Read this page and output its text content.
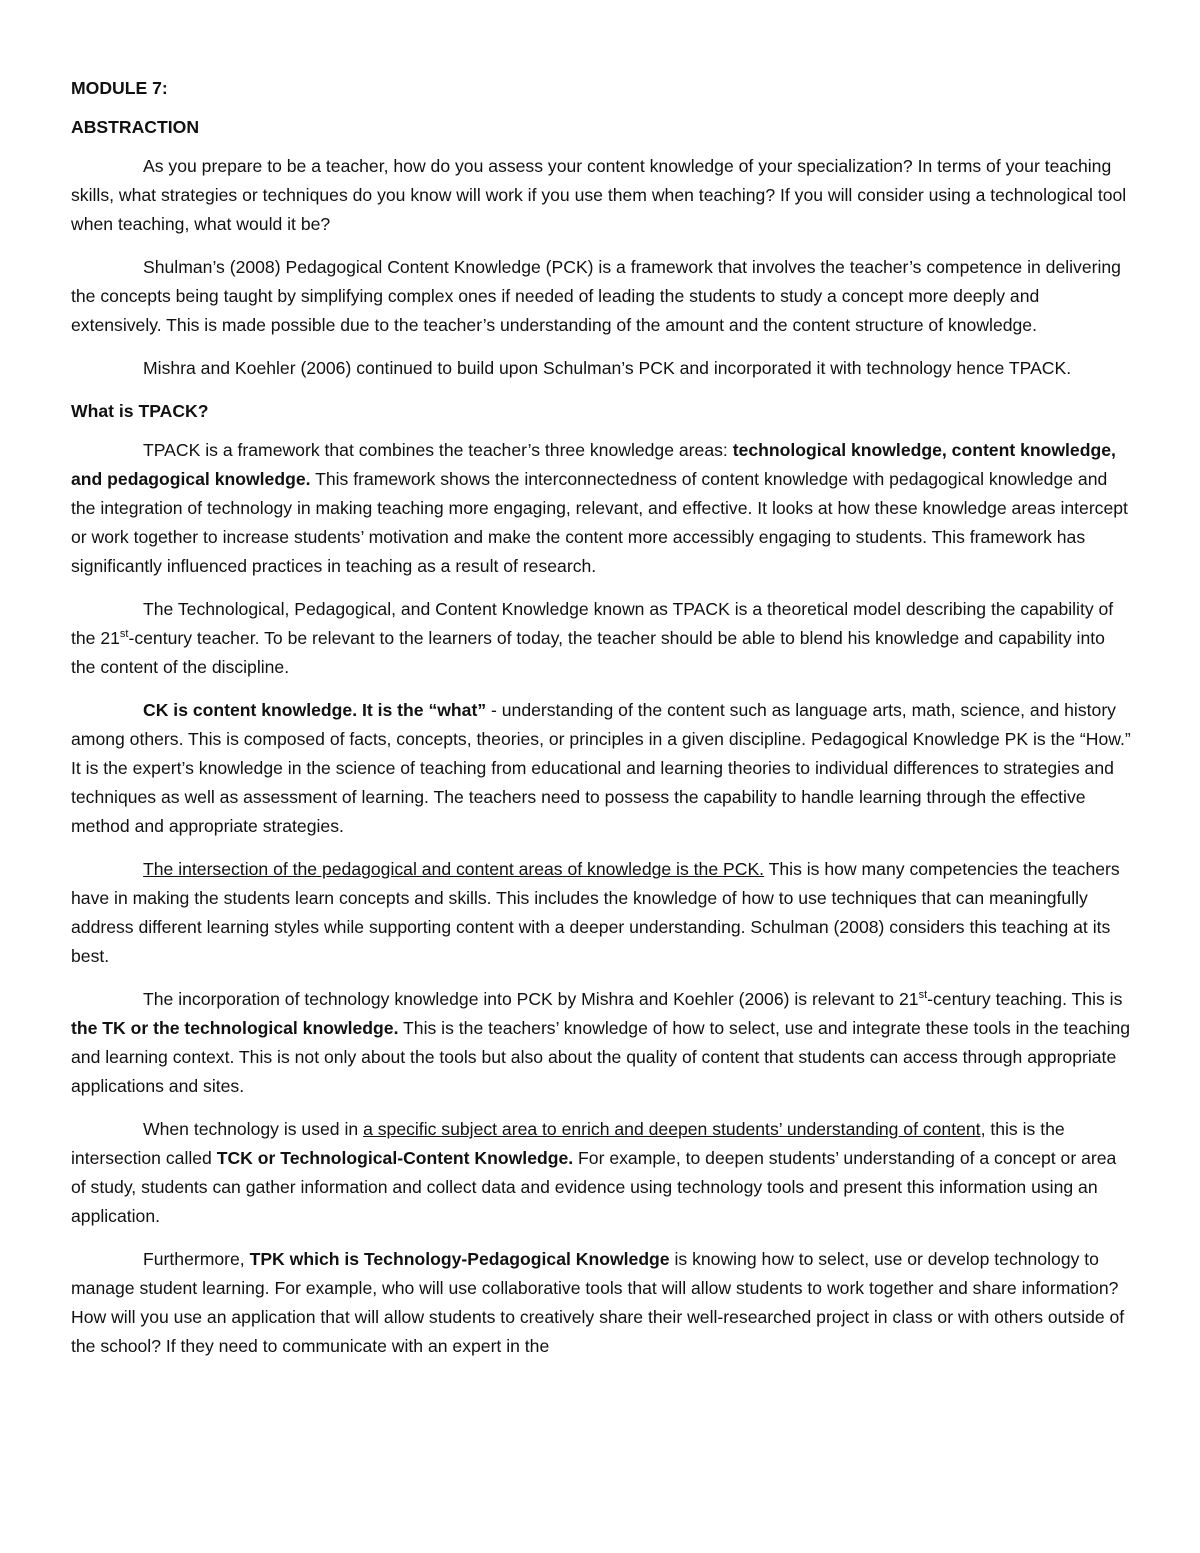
MODULE 7:
ABSTRACTION

As you prepare to be a teacher, how do you assess your content knowledge of your specialization? In terms of your teaching skills, what strategies or techniques do you know will work if you use them when teaching? If you will consider using a technological tool when teaching, what would it be?

Shulman’s (2008) Pedagogical Content Knowledge (PCK) is a framework that involves the teacher’s competence in delivering the concepts being taught by simplifying complex ones if needed of leading the students to study a concept more deeply and extensively. This is made possible due to the teacher’s understanding of the amount and the content structure of knowledge.

Mishra and Koehler (2006) continued to build upon Schulman’s PCK and incorporated it with technology hence TPACK.

What is TPACK?

TPACK is a framework that combines the teacher’s three knowledge areas: technological knowledge, content knowledge, and pedagogical knowledge. This framework shows the interconnectedness of content knowledge with pedagogical knowledge and the integration of technology in making teaching more engaging, relevant, and effective. It looks at how these knowledge areas intercept or work together to increase students’ motivation and make the content more accessibly engaging to students. This framework has significantly influenced practices in teaching as a result of research.

The Technological, Pedagogical, and Content Knowledge known as TPACK is a theoretical model describing the capability of the 21st-century teacher. To be relevant to the learners of today, the teacher should be able to blend his knowledge and capability into the content of the discipline.

CK is content knowledge. It is the “what” - understanding of the content such as language arts, math, science, and history among others. This is composed of facts, concepts, theories, or principles in a given discipline. Pedagogical Knowledge PK is the “How.” It is the expert’s knowledge in the science of teaching from educational and learning theories to individual differences to strategies and techniques as well as assessment of learning. The teachers need to possess the capability to handle learning through the effective method and appropriate strategies.

The intersection of the pedagogical and content areas of knowledge is the PCK. This is how many competencies the teachers have in making the students learn concepts and skills. This includes the knowledge of how to use techniques that can meaningfully address different learning styles while supporting content with a deeper understanding. Schulman (2008) considers this teaching at its best.

The incorporation of technology knowledge into PCK by Mishra and Koehler (2006) is relevant to 21st-century teaching. This is the TK or the technological knowledge. This is the teachers’ knowledge of how to select, use and integrate these tools in the teaching and learning context. This is not only about the tools but also about the quality of content that students can access through appropriate applications and sites.

When technology is used in a specific subject area to enrich and deepen students’ understanding of content, this is the intersection called TCK or Technological-Content Knowledge. For example, to deepen students’ understanding of a concept or area of study, students can gather information and collect data and evidence using technology tools and present this information using an application.

Furthermore, TPK which is Technology-Pedagogical Knowledge is knowing how to select, use or develop technology to manage student learning. For example, who will use collaborative tools that will allow students to work together and share information? How will you use an application that will allow students to creatively share their well-researched project in class or with others outside of the school? If they need to communicate with an expert in the
